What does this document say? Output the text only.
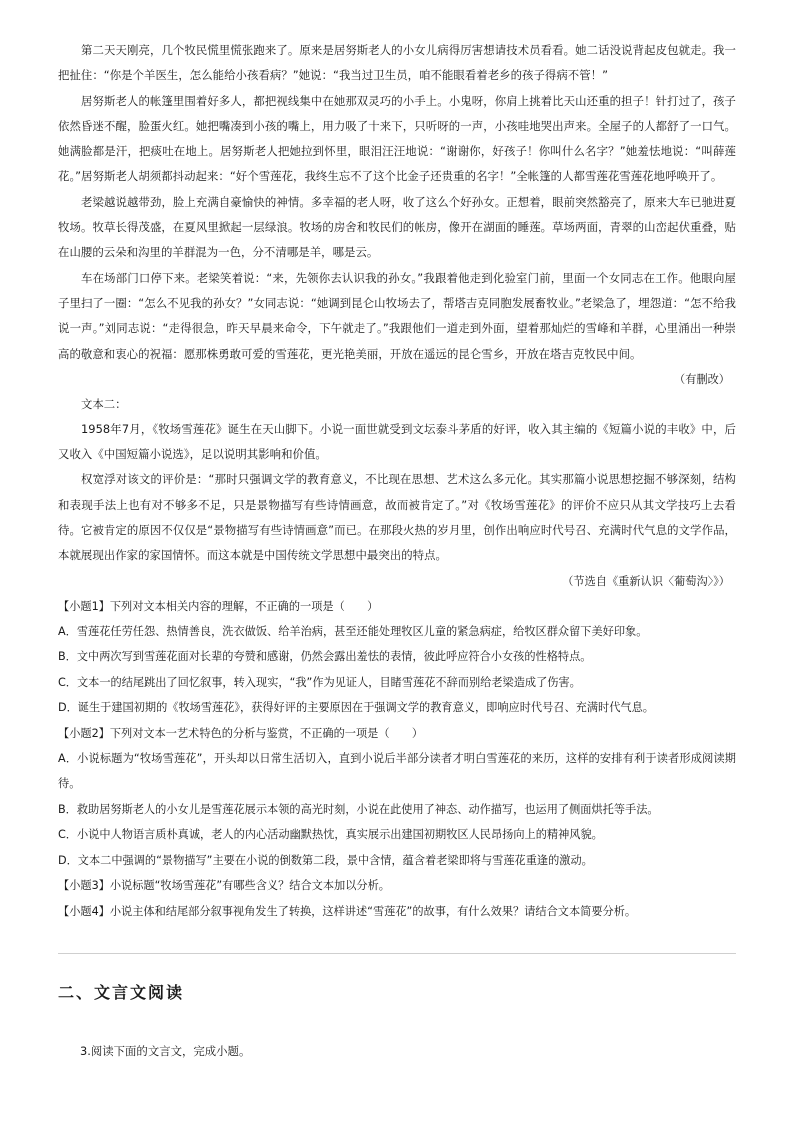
第二天天刚亮，几个牧民慌里慌张跑来了。原来是居努斯老人的小女儿病得厉害想请技术员看看。她二话没说背起皮包就走。我一把扯住：“你是个羊医生，怎么能给小孩看病？”她说：“我当过卫生员，咱不能眼看着老乡的孩子得病不管！”

居努斯老人的帐篷里围着好多人，都把视线集中在她那双灵巧的小手上。小鬼呀，你肩上挑着比天山还重的担子！针打过了，孩子依然昏迷不醒，脸蛋火红。她把嘴凑到小孩的嘴上，用力吸了十来下，只听呀的一声，小孩哇地哭出声来。全屋子的人都舒了一口气。她满脸都是汗，把痰吐在地上。居努斯老人把她拉到怀里，眼泪汪汪地说：“谢谢你，好孩子！你叫什么名字？”她羞怯地说：“叫薛莲花。”居努斯老人胡须都抖动起来：“好个雪莲花，我终生忘不了这个比金子还贵重的名字！”全帐篷的人都雪莲花雪莲花地呼唤开了。

老梁越说越带劲，脸上充满自豪愉快的神情。多幸福的老人呀，收了这么个好孙女。正想着，眼前突然豁亮了，原来大车已驰进夏牧场。牧草长得茂盛，在夏风里掀起一层绿浪。牧场的房舍和牧民们的帐房，像开在湖面的睡莲。草场两面，青翠的山峦起伏重叠，贴在山腰的云朵和沟里的羊群混为一色，分不清哪是羊，哪是云。

车在场部门口停下来。老梁笑着说：“来，先领你去认识我的孙女。”我跟着他走到化验室门前，里面一个女同志在工作。他眼向屋子里扫了一圈：“怎么不见我的孙女？”女同志说：“她调到昆仑山牧场去了，帮塔吉克同胞发展畜牧业。”老梁急了，埋怨道：“怎不给我说一声。”刘同志说：“走得很急，昨天早晨来命令，下午就走了。”我跟他们一道走到外面，望着那灿烂的雪峰和羊群，心里涌出一种崇高的敬意和衷心的祝福：愿那株勇敢可爱的雪莲花，更光艳美丽，开放在遥远的昆仑雪乡，开放在塔吉克牧民中间。

（有删改）

文本二：

1958年7月，《牧场雪莲花》诞生在天山脚下。小说一面世就受到文坛泰斗茅盾的好评，收入其主编的《短篇小说的丰收》中，后又收入《中国短篇小说选》，足以说明其影响和价值。

权宽浮对该文的评价是：“那时只强调文学的教育意义，不比现在思想、艺术这么多元化。其实那篇小说思想挖掘不够深刻，结构和表现手法上也有对不够多不足，只是景物描写有些诗情画意，故而被肯定了。”对《牧场雪莲花》的评价不应只从其文学技巧上去看待。它被肯定的原因不仅仅是“景物描写有些诗情画意”而已。在那段火热的岁月里，创作出响应时代号召、充满时代气息的文学作品，本就展现出作家的家国情怀。而这本就是中国传统文学思想中最突出的特点。

（节选自《重新认识〈葡萄沟〉》）

【小题1】下列对文本相关内容的理解，不正确的一项是（　　）

A．雪莲花任劳任怨、热情善良，洗衣做饭、给羊治病，甚至还能处理牧区儿童的紧急病症，给牧区群众留下美好印象。

B．文中两次写到雪莲花面对长辈的夸赞和感谢，仍然会露出羞怯的表情，彼此呼应符合小女孩的性格特点。

C．文本一的结尾跳出了回忆叙事，转入现实，“我”作为见证人，目睹雪莲花不辞而别给老梁造成了伤害。

D．诞生于建国初期的《牧场雪莲花》，获得好评的主要原因在于强调文学的教育意义，即响应时代号召、充满时代气息。

【小题2】下列对文本一艺术特色的分析与鉴赏，不正确的一项是（　　）

A．小说标题为“牧场雪莲花”，开头却以日常生活切入，直到小说后半部分读者才明白雪莲花的来历，这样的安排有利于读者形成阅读期待。

B．救助居努斯老人的小女儿是雪莲花展示本领的高光时刻，小说在此使用了神态、动作描写，也运用了侧面烘托等手法。

C．小说中人物语言质朴真诚，老人的内心活动幽默热忱，真实展示出建国初期牧区人民昂扬向上的精神风貌。

D．文本二中强调的“景物描写”主要在小说的倒数第二段，景中含情，蕴含着老梁即将与雪莲花重逢的激动。

【小题3】小说标题“牧场雪莲花”有哪些含义？结合文本加以分析。

【小题4】小说主体和结尾部分叙事视角发生了转换，这样讲述“雪莲花”的故事，有什么效果？请结合文本简要分析。

二、文言文阅读

3.阅读下面的文言文，完成小题。
